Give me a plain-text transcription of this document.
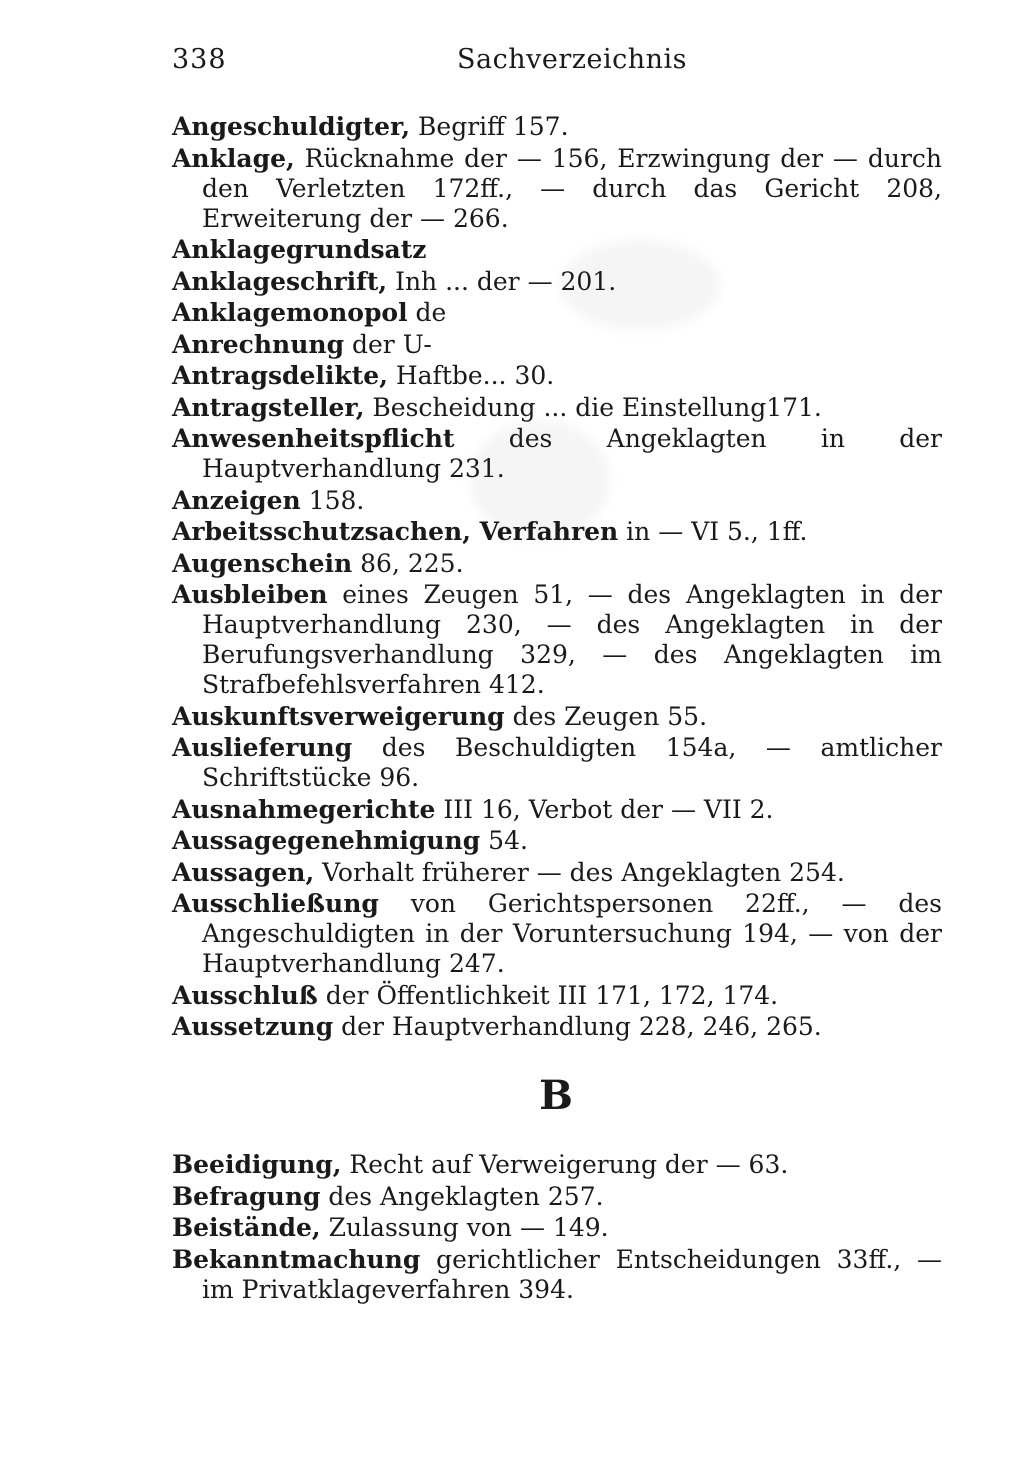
338	Sachverzeichnis

Angeschuldigter, Begriff 157.

Anklage, Rücknahme der — 156, Erzwingung der — durch den Verletzten 172ff., — durch das Gericht 208, Erweiterung der — 266.

Anklagegrundsatz

Anklageschrift, Inh ... der — 201.

Anklagemonopol de

Anrechnung der U-

Antragsdelikte, Haftbe... 30.

Antragsteller, Bescheidung ... die Einstellung171.

Anwesenheitspflicht des Angeklagten in der Hauptverhandlung 231.

Anzeigen 158.

Arbeitsschutzsachen, Verfahren in — VI 5., 1ff.

Augenschein 86, 225.

Ausbleiben eines Zeugen 51, — des Angeklagten in der Hauptverhandlung 230, — des Angeklagten in der Berufungsverhandlung 329, — des Angeklagten im Strafbefehlsverfahren 412.

Auskunftsverweigerung des Zeugen 55.

Auslieferung des Beschuldigten 154a, — amtlicher Schriftstücke 96.

Ausnahmegerichte III 16, Verbot der — VII 2.

Aussagegenehmigung 54.

Aussagen, Vorhalt früherer — des Angeklagten 254.

Ausschließung von Gerichtspersonen 22ff., — des Angeschuldigten in der Voruntersuchung 194, — von der Hauptverhandlung 247.

Ausschluß der Öffentlichkeit III 171, 172, 174.

Aussetzung der Hauptverhandlung 228, 246, 265.

B

Beeidigung, Recht auf Verweigerung der — 63.

Befragung des Angeklagten 257.

Beistände, Zulassung von — 149.

Bekanntmachung gerichtlicher Entscheidungen 33ff., — im Privatklageverfahren 394.
